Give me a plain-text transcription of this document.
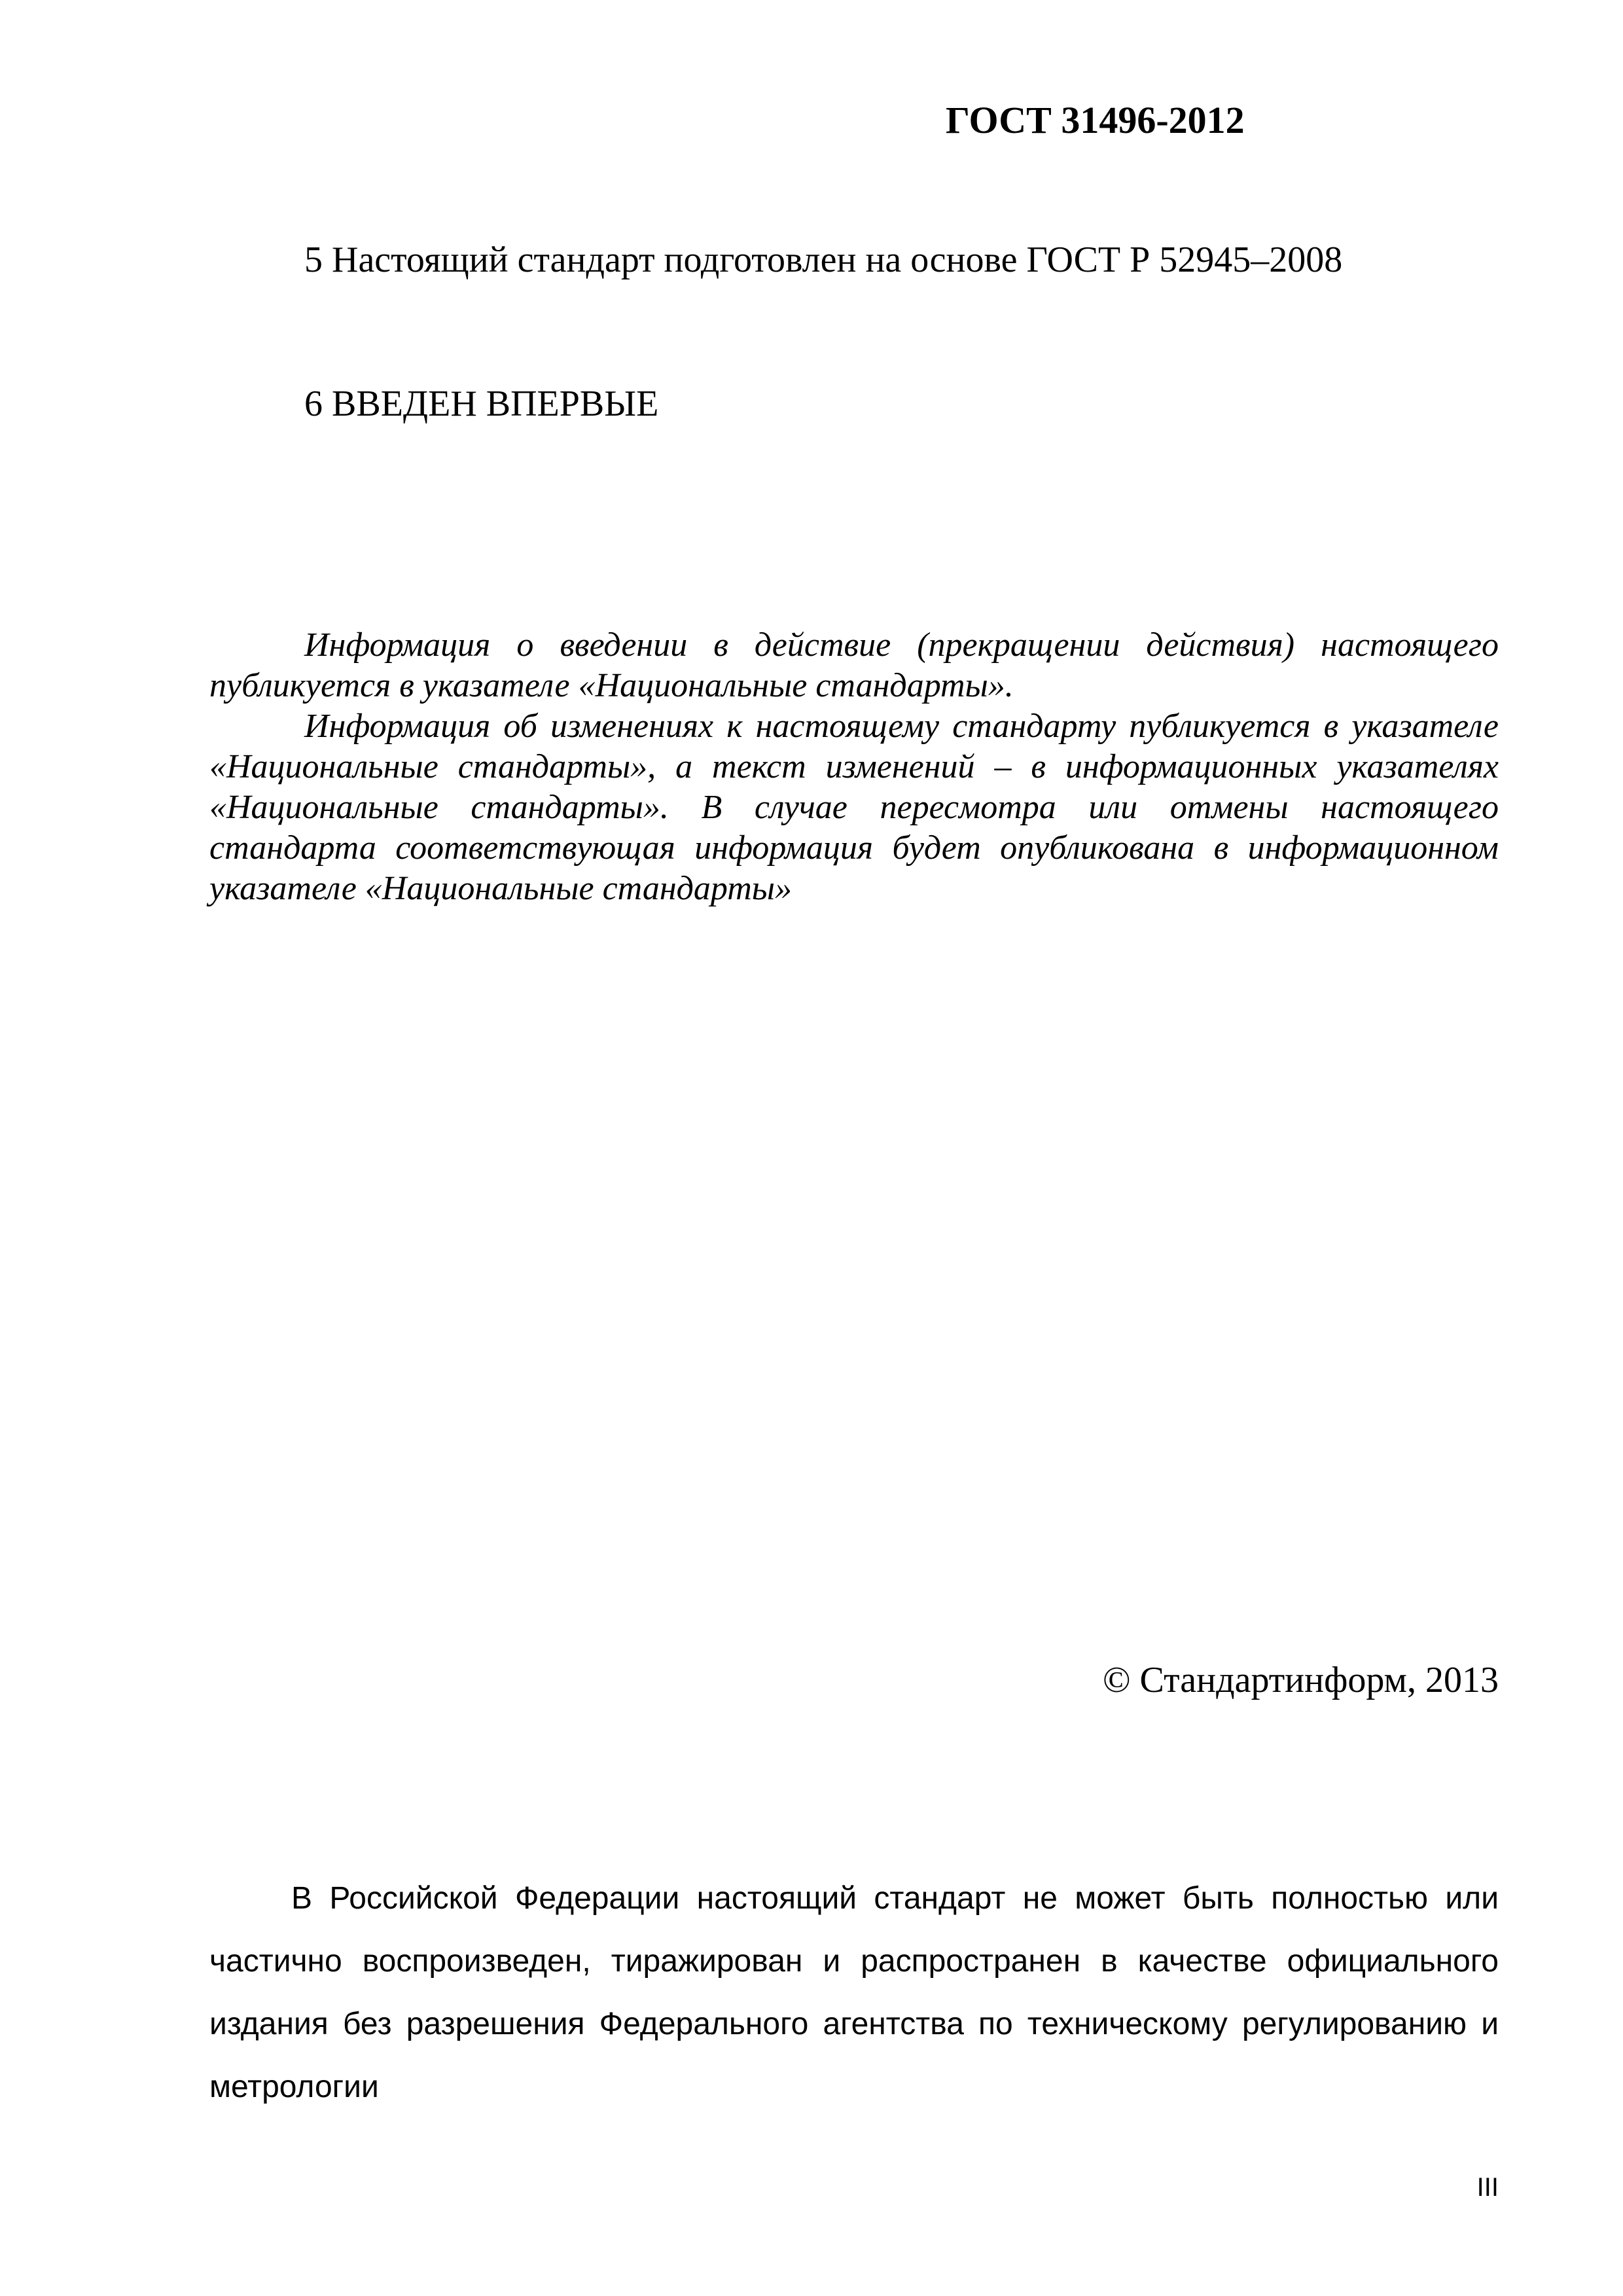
ГОСТ 31496-2012
5 Настоящий стандарт подготовлен на основе ГОСТ Р 52945–2008
6 ВВЕДЕН ВПЕРВЫЕ

Информация о введении в действие (прекращении действия) настоящего публикуется в указателе «Национальные стандарты».

Информация об изменениях к настоящему стандарту публикуется в указателе «Национальные стандарты», а текст изменений – в информационных указателях «Национальные стандарты». В случае пересмотра или отмены настоящего стандарта соответствующая информация будет опубликована в информационном указателе «Национальные стандарты»

© Стандартинформ, 2013

В Российской Федерации настоящий стандарт не может быть полностью или частично воспроизведен, тиражирован и распространен в качестве официального издания без разрешения Федерального агентства по техническому регулированию и метрологии

III
